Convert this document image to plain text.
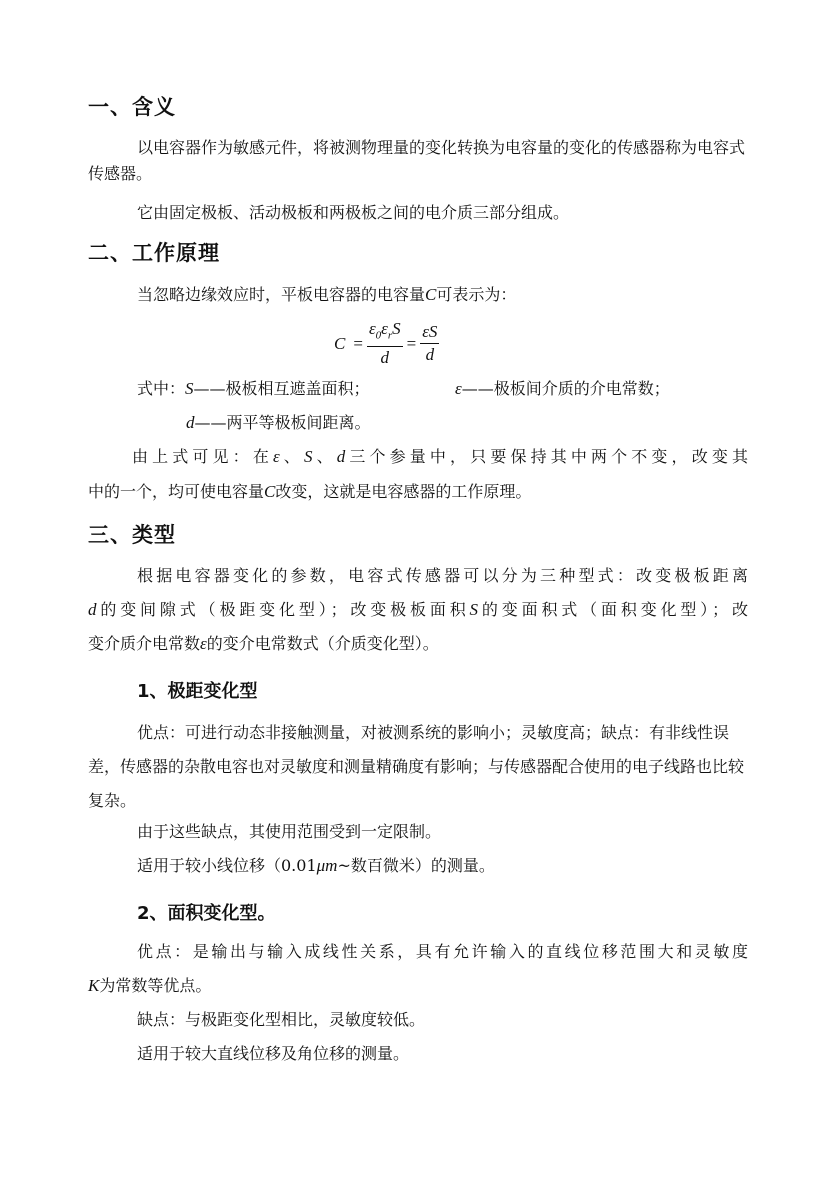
一、含义

以电容器作为敏感元件，将被测物理量的变化转换为电容量的变化的传感器称为电容式传感器。

它由固定极板、活动极板和两极板之间的电介质三部分组成。

二、工作原理
当忽略边缘效应时，平板电容器的电容量C可表示为：
$C = \frac{\varepsilon_0\varepsilon_rS}{d} = \frac{\varepsilon S}{d}$
式中：S——极板相互遮盖面积；	ε——极板间介质的介电常数；
d——两平等极板间距离。
由上式可见：在ε、S、d三个参量中，只要保持其中两个不变，改变其
中的一个，均可使电容量C改变，这就是电容感器的工作原理。
三、类型
根据电容器变化的参数，电容式传感器可以分为三种型式：改变极板距离
d的变间隙式（极距变化型）；改变极板面积S的变面积式（面积变化型）；改
变介质介电常数ε的变介电常数式（介质变化型）。
1、极距变化型

优点：可进行动态非接触测量，对被测系统的影响小；灵敏度高；缺点：有非线性误差，传感器的杂散电容也对灵敏度和测量精确度有影响；与传感器配合使用的电子线路也比较复杂。

由于这些缺点，其使用范围受到一定限制。

适用于较小线位移（0.01μm~数百微米）的测量。
2、面积变化型。
优点：是输出与输入成线性关系，具有允许输入的直线位移范围大和灵敏度
K为常数等优点。
缺点：与极距变化型相比，灵敏度较低。
适用于较大直线位移及角位移的测量。
